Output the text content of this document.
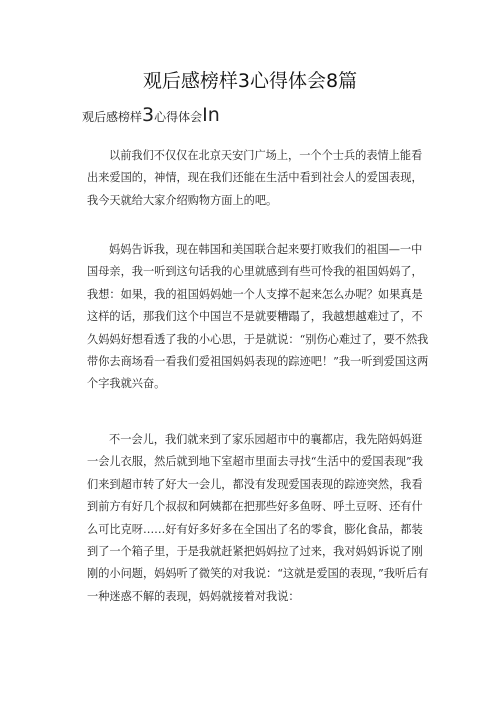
观后感榜样3心得体会8篇
观后感榜样3心得体会In

以前我们不仅仅在北京天安门广场上，一个个士兵的表情上能看出来爱国的，神情，现在我们还能在生活中看到社会人的爱国表现，我今天就给大家介绍购物方面上的吧。

妈妈告诉我，现在韩国和美国联合起来要打败我们的祖国—一中国母亲，我一听到这句话我的心里就感到有些可怜我的祖国妈妈了，我想：如果，我的祖国妈妈她一个人支撑不起来怎么办呢？如果真是这样的话，那我们这个中国岂不是就要糟蹋了，我越想越难过了，不久妈妈好想看透了我的小心思，于是就说：“别伤心难过了，要不然我带你去商场看一看我们爱祖国妈妈表现的踪迹吧！”我一听到爱国这两个字我就兴奋。

不一会儿，我们就来到了家乐园超市中的襄都店，我先陪妈妈逛一会儿衣服，然后就到地下室超市里面去寻找“生活中的爱国表现”我们来到超市转了好大一会儿，都没有发现爱国表现的踪迹突然，我看到前方有好几个叔叔和阿姨都在把那些好多鱼呀、呼土豆呀、还有什么可比克呀……好有好多好多在全国出了名的零食，膨化食品，都装到了一个箱子里，于是我就赶紧把妈妈拉了过来，我对妈妈诉说了刚刚的小问题，妈妈听了微笑的对我说：“这就是爱国的表现，”我听后有一种迷惑不解的表现，妈妈就接着对我说：
